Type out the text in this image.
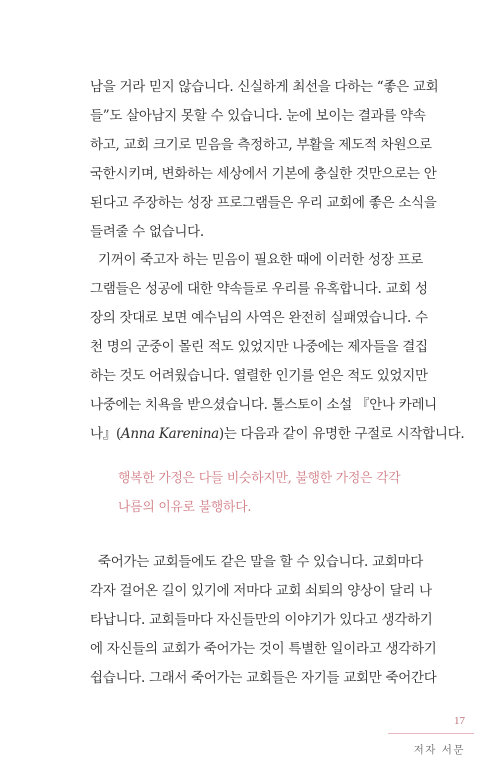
남을 거라 믿지 않습니다. 신실하게 최선을 다하는 “좋은 교회
들”도 살아남지 못할 수 있습니다. 눈에 보이는 결과를 약속
하고, 교회 크기로 믿음을 측정하고, 부활을 제도적 차원으로
국한시키며, 변화하는 세상에서 기본에 충실한 것만으로는 안
된다고 주장하는 성장 프로그램들은 우리 교회에 좋은 소식을
들려줄 수 없습니다.
기꺼이 죽고자 하는 믿음이 필요한 때에 이러한 성장 프로
그램들은 성공에 대한 약속들로 우리를 유혹합니다. 교회 성
장의 잣대로 보면 예수님의 사역은 완전히 실패였습니다. 수
천 명의 군중이 몰린 적도 있었지만 나중에는 제자들을 결집
하는 것도 어려웠습니다. 열렬한 인기를 얻은 적도 있었지만
나중에는 치욕을 받으셨습니다. 톨스토이 소설 『안나 카레니
나』(Anna Karenina)는 다음과 같이 유명한 구절로 시작합니다.
행복한 가정은 다들 비슷하지만, 불행한 가정은 각각
나름의 이유로 불행하다.
죽어가는 교회들에도 같은 말을 할 수 있습니다. 교회마다
각자 걸어온 길이 있기에 저마다 교회 쇠퇴의 양상이 달리 나
타납니다. 교회들마다 자신들만의 이야기가 있다고 생각하기
에 자신들의 교회가 죽어가는 것이 특별한 일이라고 생각하기
쉽습니다. 그래서 죽어가는 교회들은 자기들 교회만 죽어간다
17
저자 서문
